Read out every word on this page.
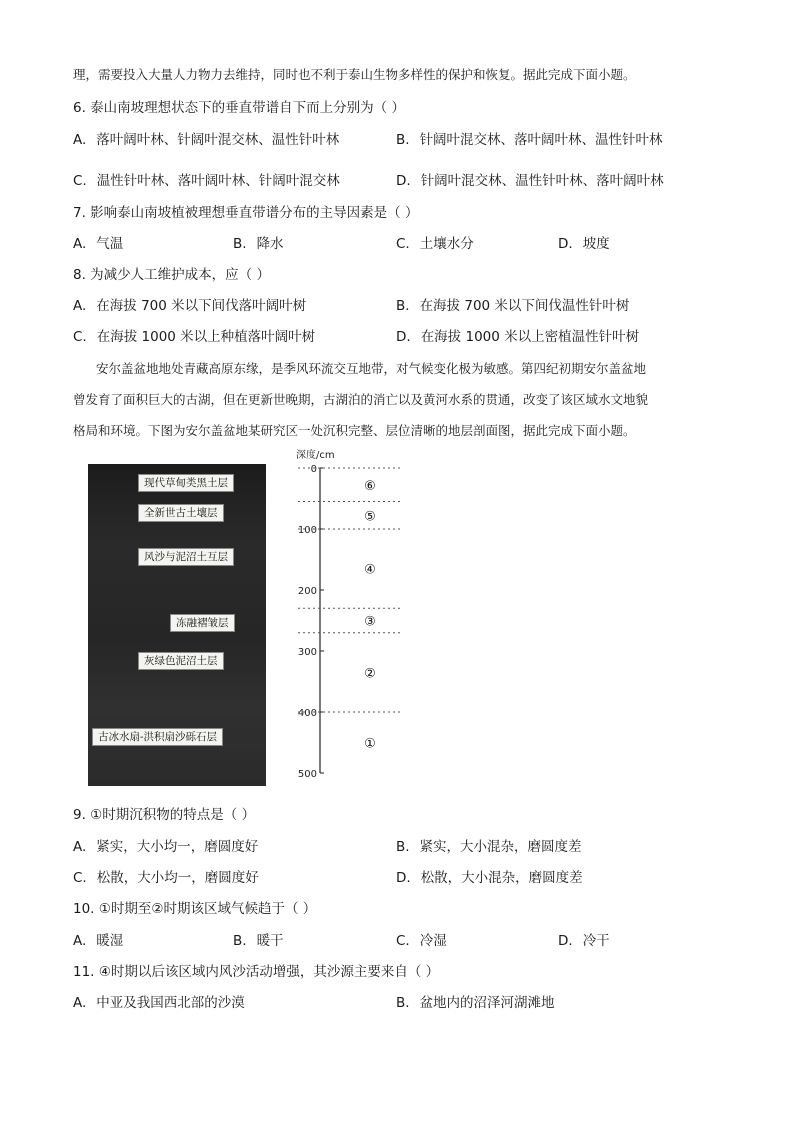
理，需要投入大量人力物力去维持，同时也不利于泰山生物多样性的保护和恢复。据此完成下面小题。
6. 泰山南坡理想状态下的垂直带谱自下而上分别为（ ）
A. 落叶阔叶林、针阔叶混交林、温性针叶林	B. 针阔叶混交林、落叶阔叶林、温性针叶林
C. 温性针叶林、落叶阔叶林、针阔叶混交林	D. 针阔叶混交林、温性针叶林、落叶阔叶林
7. 影响泰山南坡植被理想垂直带谱分布的主导因素是（ ）
A. 气温	B. 降水	C. 土壤水分	D. 坡度
8. 为减少人工维护成本，应（ ）
A. 在海拔 700 米以下间伐落叶阔叶树	B. 在海拔 700 米以下间伐温性针叶树
C. 在海拔 1000 米以上种植落叶阔叶树	D. 在海拔 1000 米以上密植温性针叶树
安尔盖盆地地处青藏高原东缘，是季风环流交互地带，对气候变化极为敏感。第四纪初期安尔盖盆地
曾发育了面积巨大的古湖，但在更新世晚期，古湖泊的消亡以及黄河水系的贯通，改变了该区域水文地貌
格局和环境。下图为安尔盖盆地某研究区一处沉积完整、层位清晰的地层剖面图，据此完成下面小题。
深度/cm
0
100
200
300
400
500
⑥
⑤
④
③
②
①
现代草甸类黑土层
全新世古土壤层
风沙与泥沼土互层
冻融褶皱层
灰绿色泥沼土层
古冰水扇-洪积扇沙砾石层
9. ①时期沉积物的特点是（ ）
A. 紧实，大小均一，磨圆度好	B. 紧实，大小混杂，磨圆度差
C. 松散，大小均一，磨圆度好	D. 松散，大小混杂，磨圆度差
10. ①时期至②时期该区域气候趋于（ ）
A. 暖湿	B. 暖干	C. 冷湿	D. 冷干
11. ④时期以后该区域内风沙活动增强，其沙源主要来自（ ）
A. 中亚及我国西北部的沙漠	B. 盆地内的沼泽河湖滩地
